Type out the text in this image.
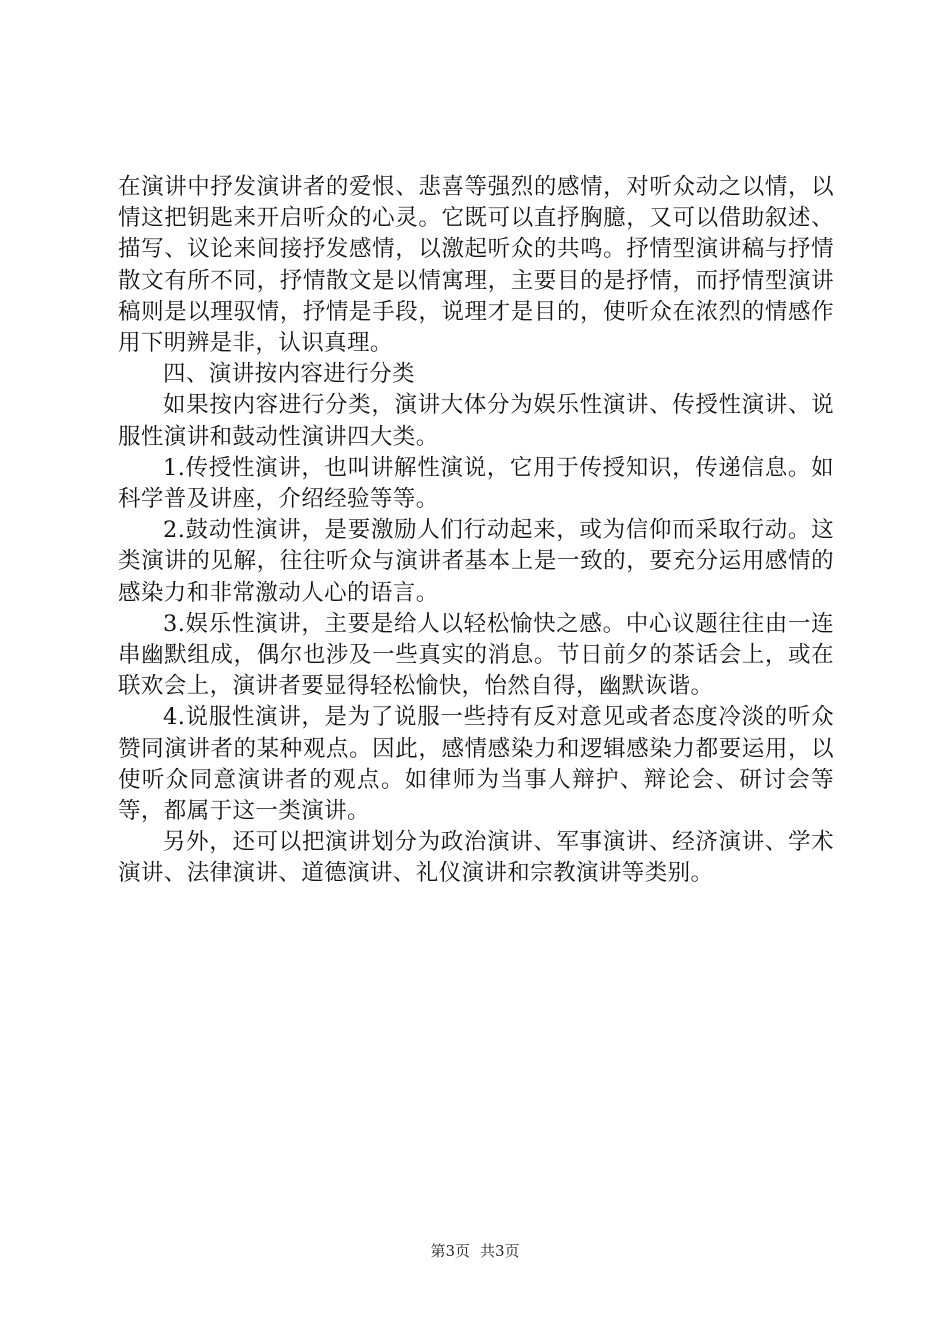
在演讲中抒发演讲者的爱恨、悲喜等强烈的感情，对听众动之以情，以情这把钥匙来开启听众的心灵。它既可以直抒胸臆，又可以借助叙述、描写、议论来间接抒发感情，以激起听众的共鸣。抒情型演讲稿与抒情散文有所不同，抒情散文是以情寓理，主要目的是抒情，而抒情型演讲稿则是以理驭情，抒情是手段，说理才是目的，使听众在浓烈的情感作用下明辨是非，认识真理。

四、演讲按内容进行分类

如果按内容进行分类，演讲大体分为娱乐性演讲、传授性演讲、说服性演讲和鼓动性演讲四大类。

1.传授性演讲，也叫讲解性演说，它用于传授知识，传递信息。如科学普及讲座，介绍经验等等。

2.鼓动性演讲，是要激励人们行动起来，或为信仰而采取行动。这类演讲的见解，往往听众与演讲者基本上是一致的，要充分运用感情的感染力和非常激动人心的语言。

3.娱乐性演讲，主要是给人以轻松愉快之感。中心议题往往由一连串幽默组成，偶尔也涉及一些真实的消息。节日前夕的茶话会上，或在联欢会上，演讲者要显得轻松愉快，怡然自得，幽默诙谐。

4.说服性演讲，是为了说服一些持有反对意见或者态度冷淡的听众赞同演讲者的某种观点。因此，感情感染力和逻辑感染力都要运用，以使听众同意演讲者的观点。如律师为当事人辩护、辩论会、研讨会等等，都属于这一类演讲。

另外，还可以把演讲划分为政治演讲、军事演讲、经济演讲、学术演讲、法律演讲、道德演讲、礼仪演讲和宗教演讲等类别。

第3页 共3页
